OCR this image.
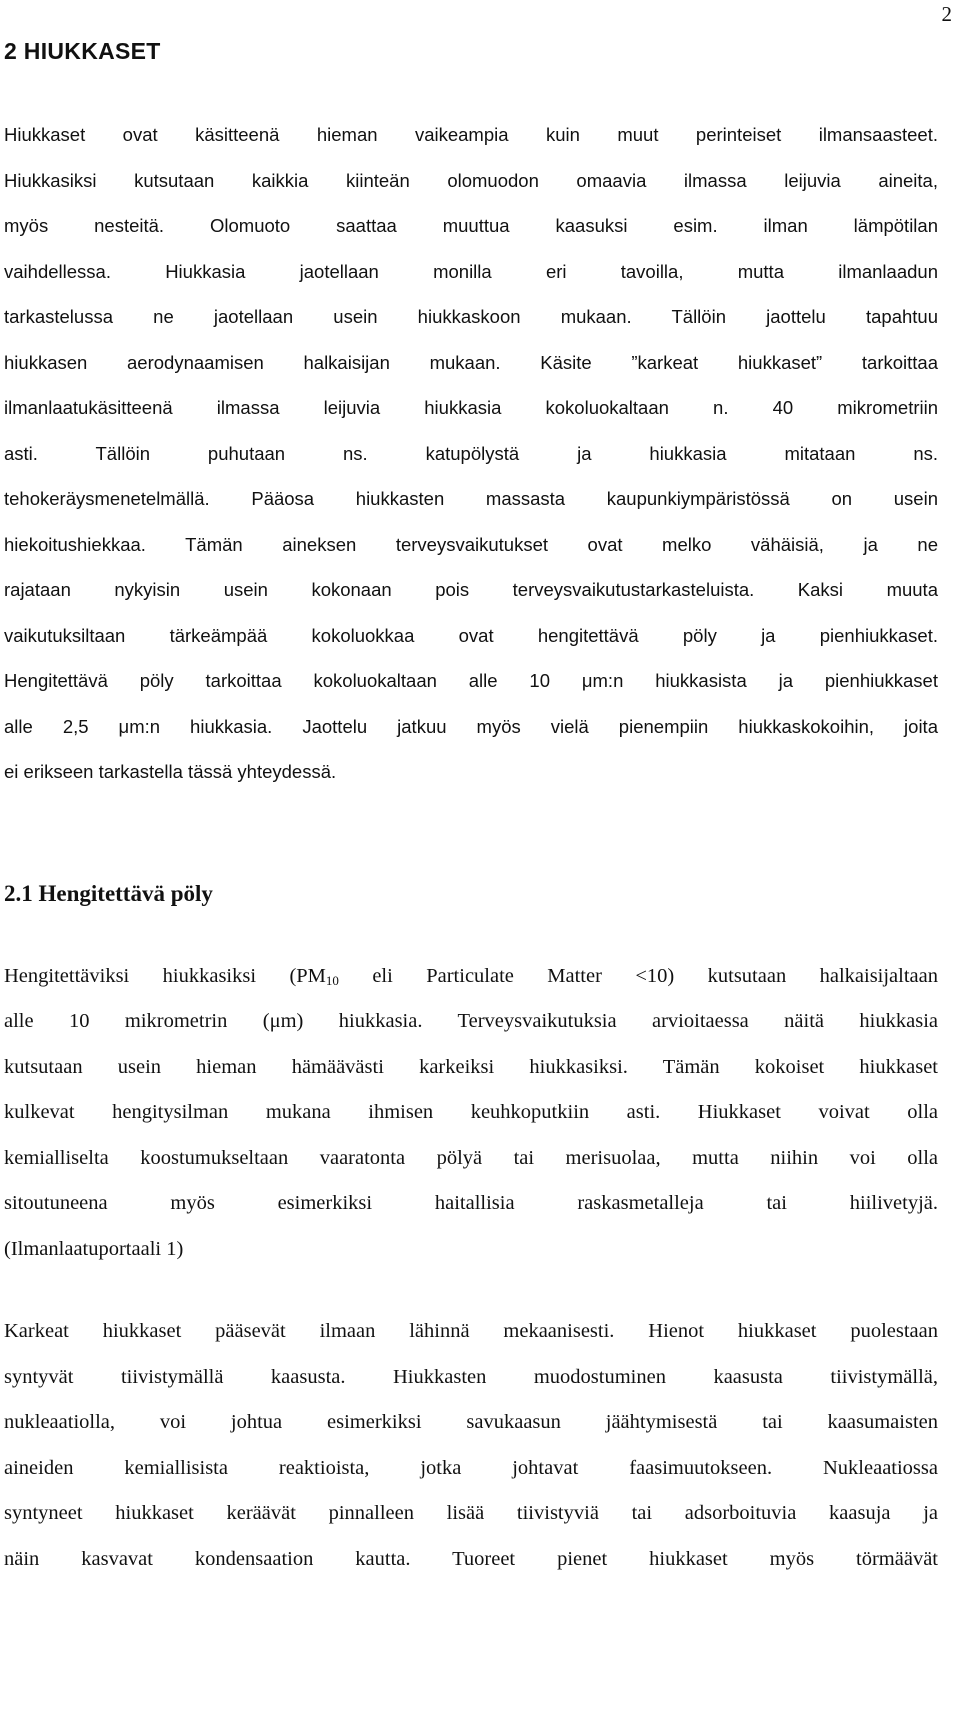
2
2 HIUKKASET
Hiukkaset ovat käsitteenä hieman vaikeampia kuin muut perinteiset ilmansaasteet.
Hiukkasiksi kutsutaan kaikkia kiinteän olomuodon omaavia ilmassa leijuvia aineita,
myös nesteitä. Olomuoto saattaa muuttua kaasuksi esim. ilman lämpötilan
vaihdellessa. Hiukkasia jaotellaan monilla eri tavoilla, mutta ilmanlaadun
tarkastelussa ne jaotellaan usein hiukkaskoon mukaan. Tällöin jaottelu tapahtuu
hiukkasen aerodynaamisen halkaisijan mukaan. Käsite ”karkeat hiukkaset” tarkoittaa
ilmanlaatukäsitteenä ilmassa leijuvia hiukkasia kokoluokaltaan n. 40 mikrometriin
asti. Tällöin puhutaan ns. katupölystä ja hiukkasia mitataan ns.
tehokeräysmenetelmällä. Pääosa hiukkasten massasta kaupunkiympäristössä on usein
hiekoitushiekkaa. Tämän aineksen terveysvaikutukset ovat melko vähäisiä, ja ne
rajataan nykyisin usein kokonaan pois terveysvaikutustarkasteluista. Kaksi muuta
vaikutuksiltaan tärkeämpää kokoluokkaa ovat hengitettävä pöly ja pienhiukkaset.
Hengitettävä pöly tarkoittaa kokoluokaltaan alle 10 μm:n hiukkasista ja pienhiukkaset
alle 2,5 μm:n hiukkasia. Jaottelu jatkuu myös vielä pienempiin hiukkaskokoihin, joita
ei erikseen tarkastella tässä yhteydessä.
2.1 Hengitettävä pöly
Hengitettäviksi hiukkasiksi ($PM_{10}$ eli Particulate Matter <10) kutsutaan halkaisijaltaan
alle 10 mikrometrin (μm) hiukkasia. Terveysvaikutuksia arvioitaessa näitä hiukkasia
kutsutaan usein hieman hämäävästi karkeiksi hiukkasiksi. Tämän kokoiset hiukkaset
kulkevat hengitysilman mukana ihmisen keuhkoputkiin asti. Hiukkaset voivat olla
kemialliselta koostumukseltaan vaaratonta pölyä tai merisuolaa, mutta niihin voi olla
sitoutuneena myös esimerkiksi haitallisia raskasmetalleja tai hiilivetyjä.
(Ilmanlaatuportaali 1)
Karkeat hiukkaset pääsevät ilmaan lähinnä mekaanisesti. Hienot hiukkaset puolestaan
syntyvät tiivistymällä kaasusta. Hiukkasten muodostuminen kaasusta tiivistymällä,
nukleaatiolla, voi johtua esimerkiksi savukaasun jäähtymisestä tai kaasumaisten
aineiden kemiallisista reaktioista, jotka johtavat faasimuutokseen. Nukleaatiossa
syntyneet hiukkaset keräävät pinnalleen lisää tiivistyviä tai adsorboituvia kaasuja ja
näin kasvavat kondensaation kautta. Tuoreet pienet hiukkaset myös törmäävät
